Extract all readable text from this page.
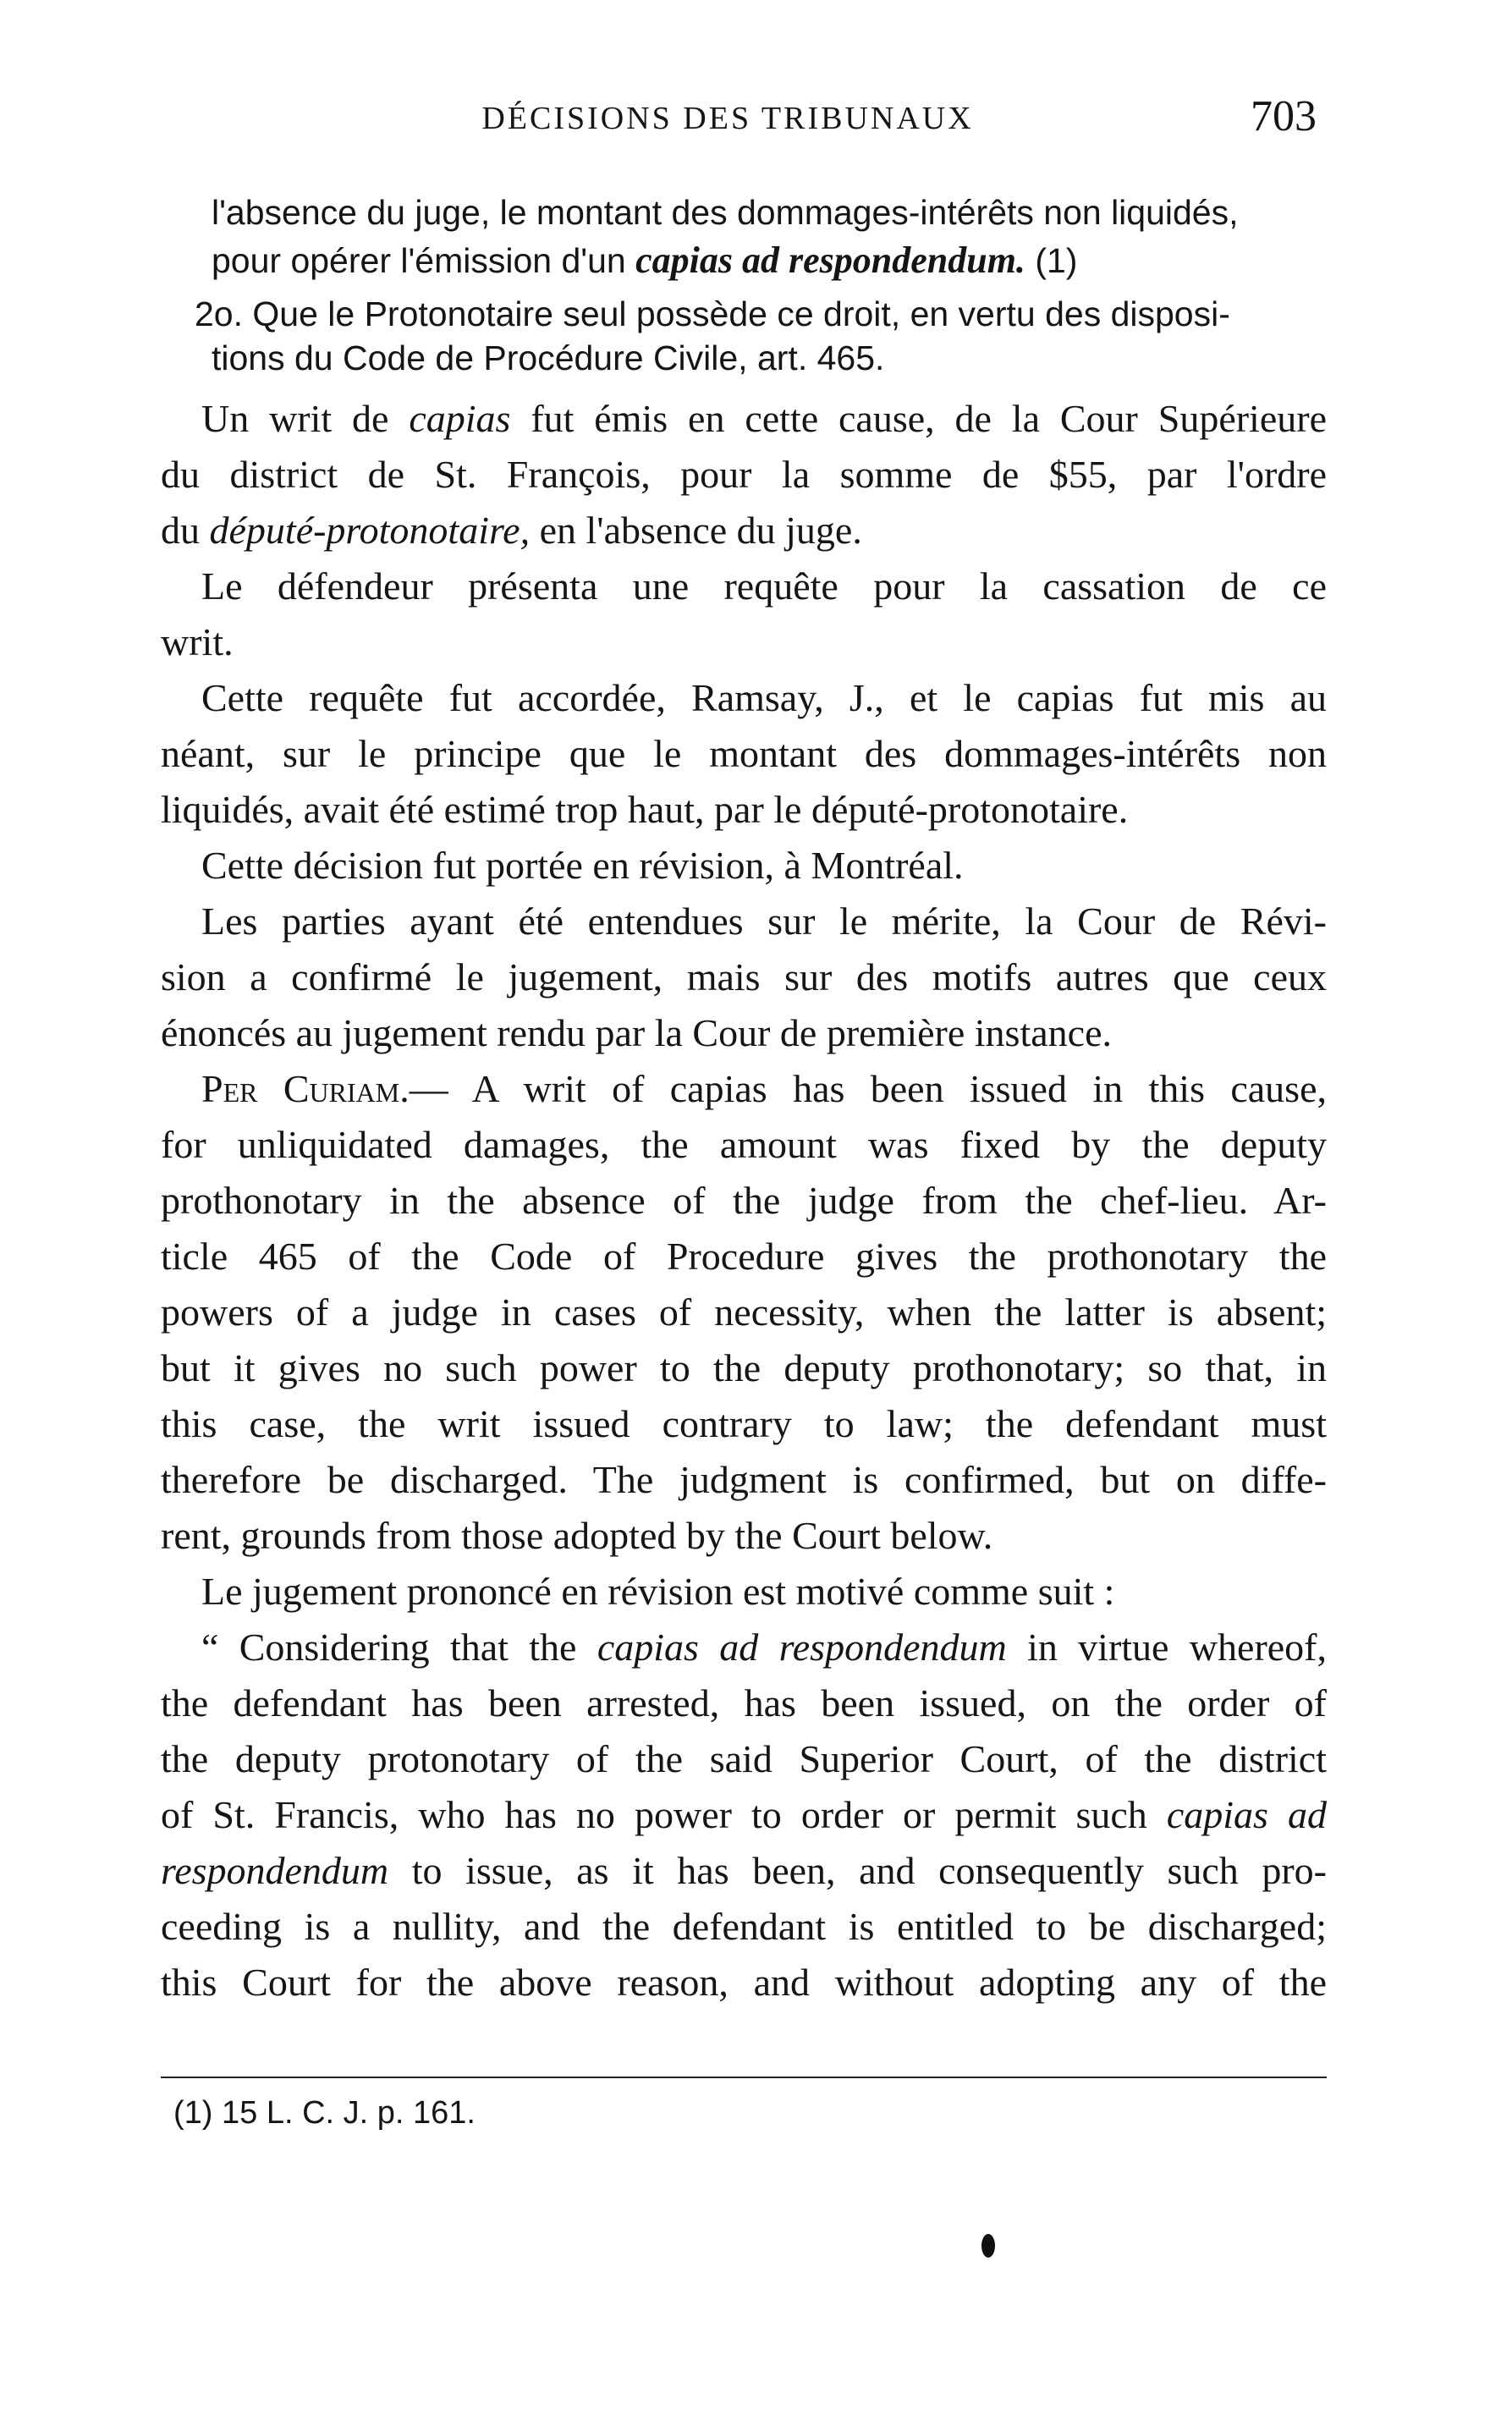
DÉCISIONS DES TRIBUNAUX	703
l'absence du juge, le montant des dommages-intérêts non liquidés,
pour opérer l'émission d'un capias ad respondendum. (1)
2o. Que le Protonotaire seul possède ce droit, en vertu des disposi-
tions du Code de Procédure Civile, art. 465.
Un writ de capias fut émis en cette cause, de la Cour Supérieure
du district de St. François, pour la somme de $55, par l'ordre
du député-protonotaire, en l'absence du juge.
Le défendeur présenta une requête pour la cassation de ce
writ.
Cette requête fut accordée, Ramsay, J., et le capias fut mis au
néant, sur le principe que le montant des dommages-intérêts non
liquidés, avait été estimé trop haut, par le député-protonotaire.
Cette décision fut portée en révision, à Montréal.
Les parties ayant été entendues sur le mérite, la Cour de Révi-
sion a confirmé le jugement, mais sur des motifs autres que ceux
énoncés au jugement rendu par la Cour de première instance.
Per Curiam.— A writ of capias has been issued in this cause,
for unliquidated damages, the amount was fixed by the deputy
prothonotary in the absence of the judge from the chef-lieu. Ar-
ticle 465 of the Code of Procedure gives the prothonotary the
powers of a judge in cases of necessity, when the latter is absent;
but it gives no such power to the deputy prothonotary; so that, in
this case, the writ issued contrary to law; the defendant must
therefore be discharged. The judgment is confirmed, but on diffe-
rent, grounds from those adopted by the Court below.
Le jugement prononcé en révision est motivé comme suit :
“ Considering that the capias ad respondendum in virtue whereof,
the defendant has been arrested, has been issued, on the order of
the deputy protonotary of the said Superior Court, of the district
of St. Francis, who has no power to order or permit such capias ad
respondendum to issue, as it has been, and consequently such pro-
ceeding is a nullity, and the defendant is entitled to be discharged;
this Court for the above reason, and without adopting any of the
(1) 15 L. C. J. p. 161.
